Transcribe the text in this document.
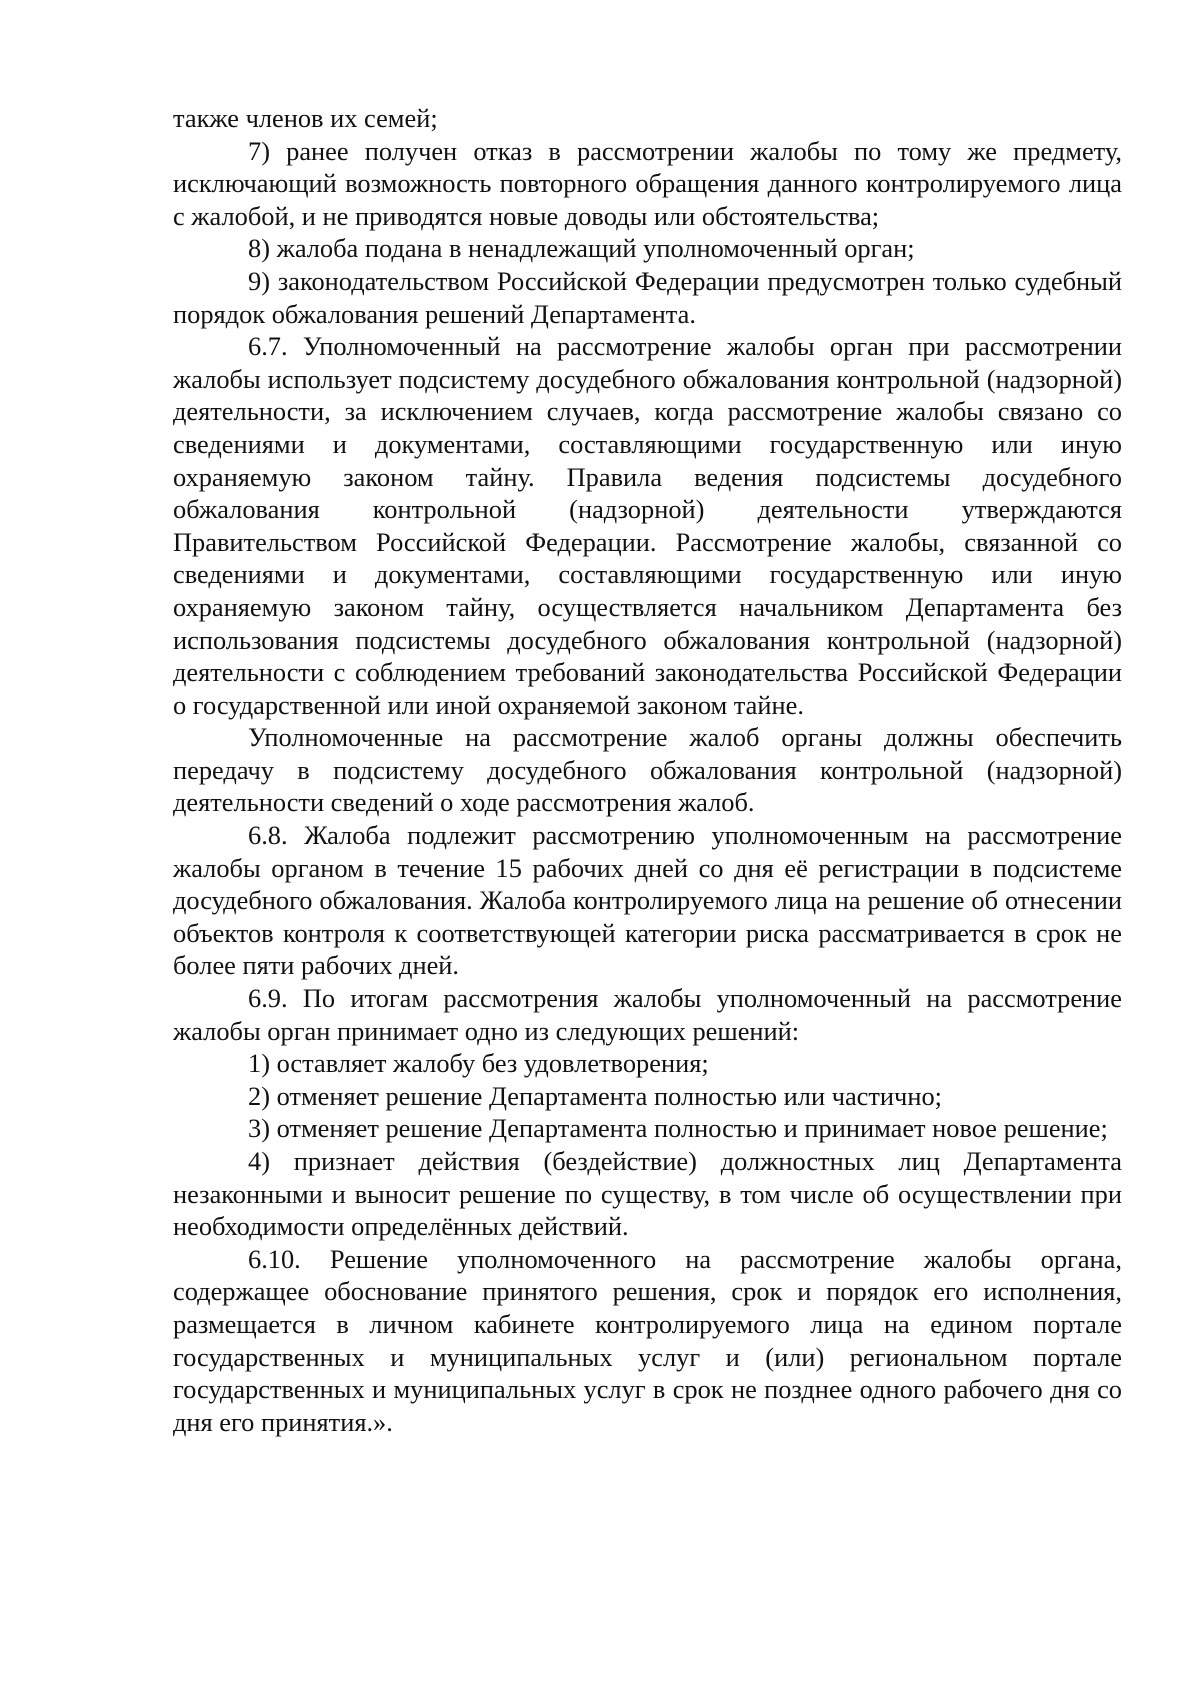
также членов их семей;

7) ранее получен отказ в рассмотрении жалобы по тому же предмету, исключающий возможность повторного обращения данного контролируемого лица с жалобой, и не приводятся новые доводы или обстоятельства;

8) жалоба подана в ненадлежащий уполномоченный орган;

9) законодательством Российской Федерации предусмотрен только судебный порядок обжалования решений Департамента.

6.7. Уполномоченный на рассмотрение жалобы орган при рассмотрении жалобы использует подсистему досудебного обжалования контрольной (надзорной) деятельности, за исключением случаев, когда рассмотрение жалобы связано со сведениями и документами, составляющими государственную или иную охраняемую законом тайну. Правила ведения подсистемы досудебного обжалования контрольной (надзорной) деятельности утверждаются Правительством Российской Федерации. Рассмотрение жалобы, связанной со сведениями и документами, составляющими государственную или иную охраняемую законом тайну, осуществляется начальником Департамента без использования подсистемы досудебного обжалования контрольной (надзорной) деятельности с соблюдением требований законодательства Российской Федерации о государственной или иной охраняемой законом тайне.

Уполномоченные на рассмотрение жалоб органы должны обеспечить передачу в подсистему досудебного обжалования контрольной (надзорной) деятельности сведений о ходе рассмотрения жалоб.

6.8. Жалоба подлежит рассмотрению уполномоченным на рассмотрение жалобы органом в течение 15 рабочих дней со дня её регистрации в подсистеме досудебного обжалования. Жалоба контролируемого лица на решение об отнесении объектов контроля к соответствующей категории риска рассматривается в срок не более пяти рабочих дней.

6.9. По итогам рассмотрения жалобы уполномоченный на рассмотрение жалобы орган принимает одно из следующих решений:

1) оставляет жалобу без удовлетворения;

2) отменяет решение Департамента полностью или частично;

3) отменяет решение Департамента полностью и принимает новое решение;

4) признает действия (бездействие) должностных лиц Департамента незаконными и выносит решение по существу, в том числе об осуществлении при необходимости определённых действий.

6.10. Решение уполномоченного на рассмотрение жалобы органа, содержащее обоснование принятого решения, срок и порядок его исполнения, размещается в личном кабинете контролируемого лица на едином портале государственных и муниципальных услуг и (или) региональном портале государственных и муниципальных услуг в срок не позднее одного рабочего дня со дня его принятия.».
